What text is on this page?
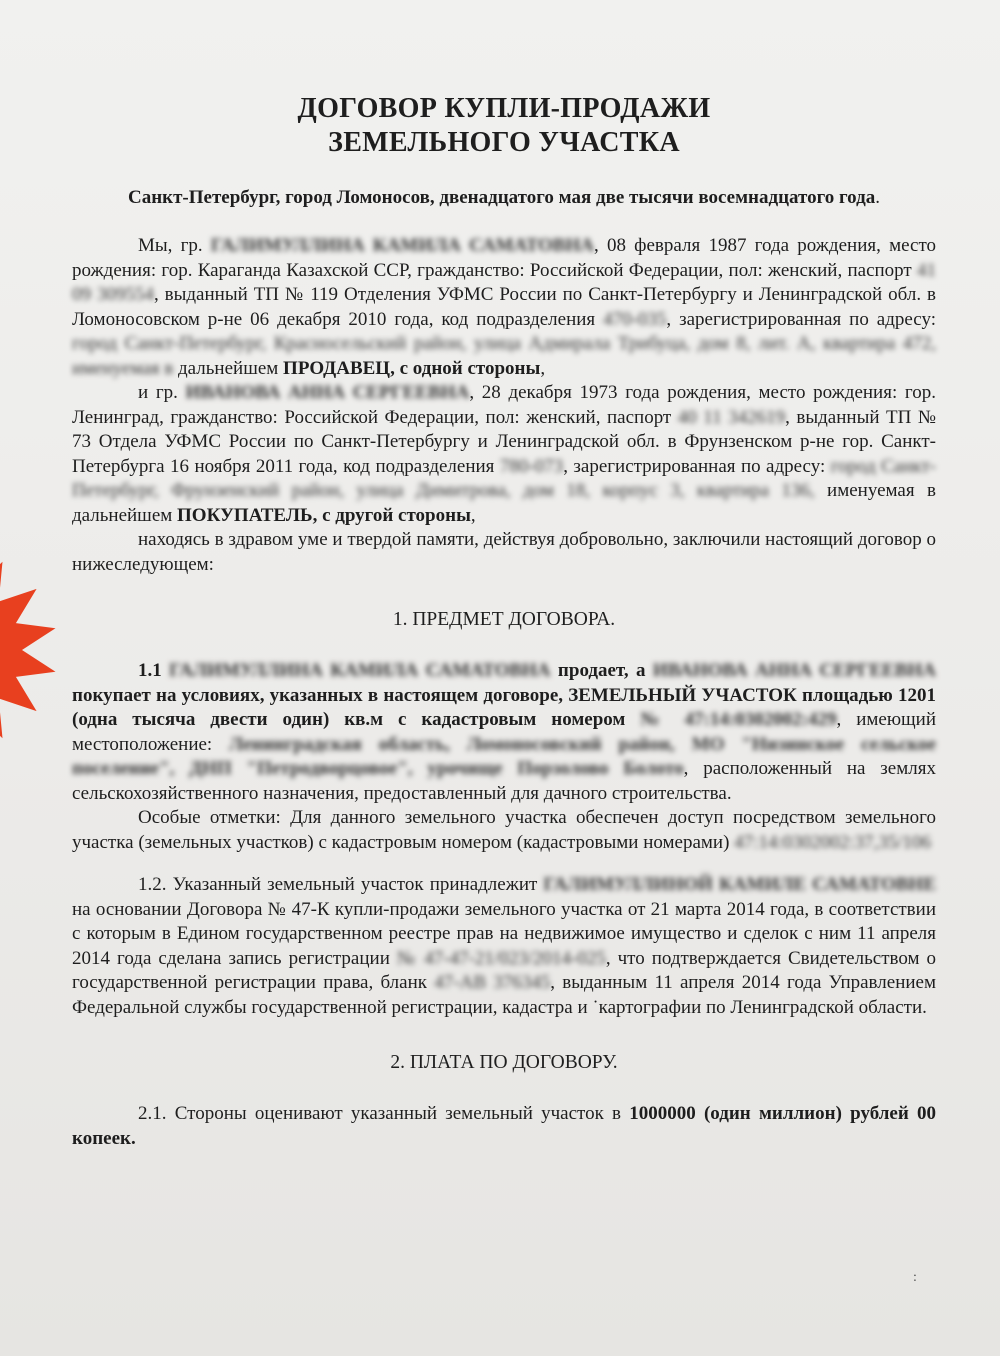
ДОГОВОР КУПЛИ-ПРОДАЖИ
ЗЕМЕЛЬНОГО УЧАСТКА
Санкт-Петербург, город Ломоносов, двенадцатого мая две тысячи восемнадцатого года.

Мы, гр. ГАЛИМУЛЛИНА КАМИЛА САМАТОВНА, 08 февраля 1987 года рождения, место рождения: гор. Караганда Казахской ССР, гражданство: Российской Федерации, пол: женский, паспорт 41 09 309554, выданный ТП № 119 Отделения УФМС России по Санкт-Петербургу и Ленинградской обл. в Ломоносовском р-не 06 декабря 2010 года, код подразделения 470-035, зарегистрированная по адресу: город Санкт-Петербург, Красносельский район, улица Адмирала Трибуца, дом 8, лит. А, квартира 472, именуемая в дальнейшем ПРОДАВЕЦ, с одной стороны,

и гр. ИВАНОВА АННА СЕРГЕЕВНА, 28 декабря 1973 года рождения, место рождения: гор. Ленинград, гражданство: Российской Федерации, пол: женский, паспорт 40 11 342619, выданный ТП № 73 Отдела УФМС России по Санкт-Петербургу и Ленинградской обл. в Фрунзенском р-не гор. Санкт-Петербурга 16 ноября 2011 года, код подразделения 780-073, зарегистрированная по адресу: город Санкт-Петербург, Фрунзенский район, улица Димитрова, дом 18, корпус 3, квартира 136, именуемая в дальнейшем ПОКУПАТЕЛЬ, с другой стороны,

находясь в здравом уме и твердой памяти, действуя добровольно, заключили настоящий договор о нижеследующем:

1. ПРЕДМЕТ ДОГОВОРА.

1.1 ГАЛИМУЛЛИНА КАМИЛА САМАТОВНА продает, а ИВАНОВА АННА СЕРГЕЕВНА покупает на условиях, указанных в настоящем договоре, ЗЕМЕЛЬНЫЙ УЧАСТОК площадью 1201 (одна тысяча двести один) кв.м с кадастровым номером № 47:14:0302002:429, имеющий местоположение: Ленинградская область, Ломоносовский район, МО "Низинское сельское поселение", ДНП "Петродворцовое", урочище Порзолово Болото, расположенный на землях сельскохозяйственного назначения, предоставленный для дачного строительства.

Особые отметки: Для данного земельного участка обеспечен доступ посредством земельного участка (земельных участков) с кадастровым номером (кадастровыми номерами) 47:14:0302002:37,35/106

1.2. Указанный земельный участок принадлежит ГАЛИМУЛЛИНОЙ КАМИЛЕ САМАТОВНЕ на основании Договора № 47-К купли-продажи земельного участка от 21 марта 2014 года, в соответствии с которым в Едином государственном реестре прав на недвижимое имущество и сделок с ним 11 апреля 2014 года сделана запись регистрации № 47-47-21/023/2014-025, что подтверждается Свидетельством о государственной регистрации права, бланк 47-АВ 376345, выданным 11 апреля 2014 года Управлением Федеральной службы государственной регистрации, кадастра и ˙картографии по Ленинградской области.

2. ПЛАТА ПО ДОГОВОРУ.

2.1. Стороны оценивают указанный земельный участок в 1000000 (один миллион) рублей 00 копеек.

:
